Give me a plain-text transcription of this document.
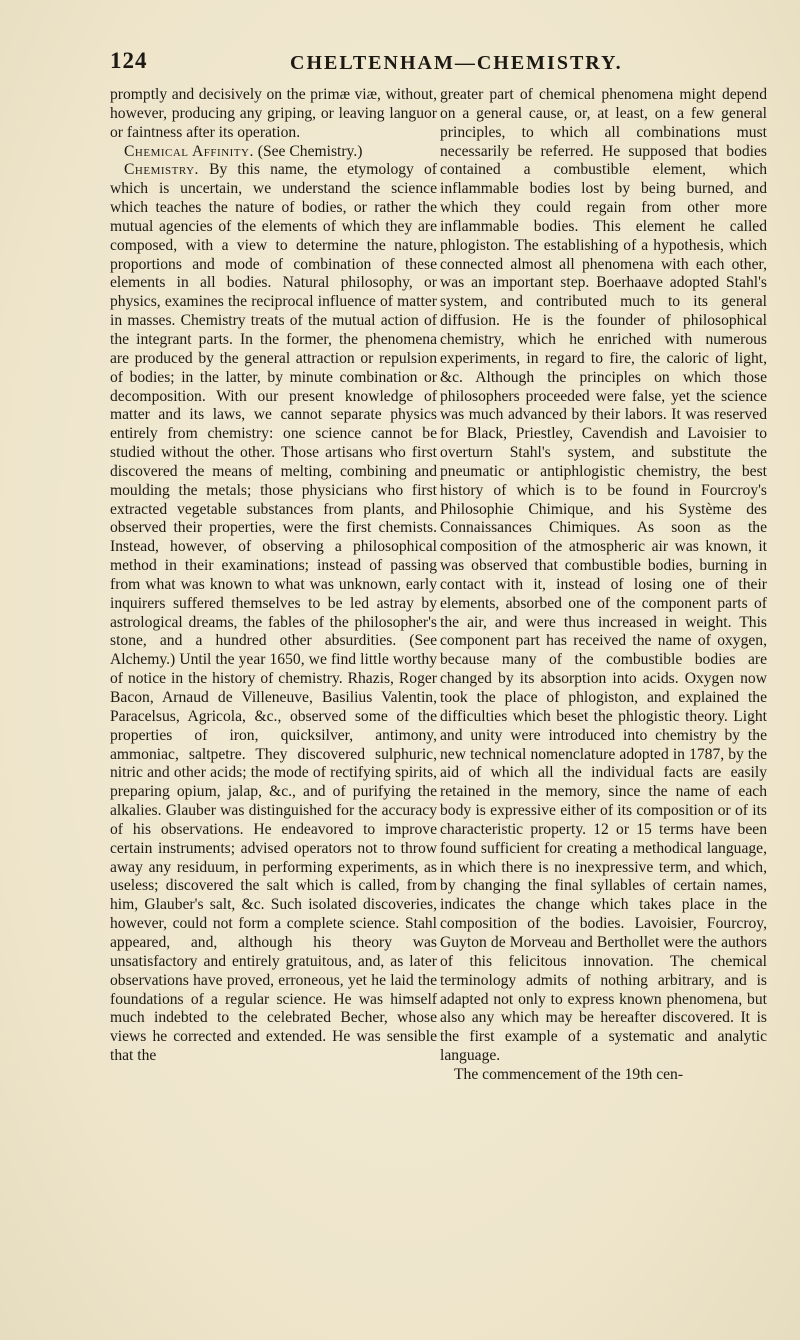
124	CHELTENHAM—CHEMISTRY.

promptly and decisively on the primæ viæ, without, however, producing any griping, or leaving languor or faintness after its operation.

Chemical Affinity. (See Chemistry.)

Chemistry. By this name, the etymology of which is uncertain, we understand the science which teaches the nature of bodies, or rather the mutual agencies of the elements of which they are composed, with a view to determine the nature, proportions and mode of combination of these elements in all bodies. Natural philosophy, or physics, examines the reciprocal influence of matter in masses. Chemistry treats of the mutual action of the integrant parts. In the former, the phenomena are produced by the general attraction or repulsion of bodies; in the latter, by minute combination or decomposition. With our present knowledge of matter and its laws, we cannot separate physics entirely from chemistry: one science cannot be studied without the other. Those artisans who first discovered the means of melting, combining and moulding the metals; those physicians who first extracted vegetable substances from plants, and observed their properties, were the first chemists. Instead, however, of observing a philosophical method in their examinations; instead of passing from what was known to what was unknown, early inquirers suffered themselves to be led astray by astrological dreams, the fables of the philosopher's stone, and a hundred other absurdities. (See Alchemy.) Until the year 1650, we find little worthy of notice in the history of chemistry. Rhazis, Roger Bacon, Arnaud de Villeneuve, Basilius Valentin, Paracelsus, Agricola, &c., observed some of the properties of iron, quicksilver, antimony, ammoniac, saltpetre. They discovered sulphuric, nitric and other acids; the mode of rectifying spirits, preparing opium, jalap, &c., and of purifying the alkalies. Glauber was distinguished for the accuracy of his observations. He endeavored to improve certain instruments; advised operators not to throw away any residuum, in performing experiments, as useless; discovered the salt which is called, from him, Glauber's salt, &c. Such isolated discoveries, however, could not form a complete science. Stahl appeared, and, although his theory was unsatisfactory and entirely gratuitous, and, as later observations have proved, erroneous, yet he laid the foundations of a regular science. He was himself much indebted to the celebrated Becher, whose views he corrected and extended. He was sensible that the

greater part of chemical phenomena might depend on a general cause, or, at least, on a few general principles, to which all combinations must necessarily be referred. He supposed that bodies contained a combustible element, which inflammable bodies lost by being burned, and which they could regain from other more inflammable bodies. This element he called phlogiston. The establishing of a hypothesis, which connected almost all phenomena with each other, was an important step. Boerhaave adopted Stahl's system, and contributed much to its general diffusion. He is the founder of philosophical chemistry, which he enriched with numerous experiments, in regard to fire, the caloric of light, &c. Although the principles on which those philosophers proceeded were false, yet the science was much advanced by their labors. It was reserved for Black, Priestley, Cavendish and Lavoisier to overturn Stahl's system, and substitute the pneumatic or antiphlogistic chemistry, the best history of which is to be found in Fourcroy's Philosophie Chimique, and his Système des Connaissances Chimiques. As soon as the composition of the atmospheric air was known, it was observed that combustible bodies, burning in contact with it, instead of losing one of their elements, absorbed one of the component parts of the air, and were thus increased in weight. This component part has received the name of oxygen, because many of the combustible bodies are changed by its absorption into acids. Oxygen now took the place of phlogiston, and explained the difficulties which beset the phlogistic theory. Light and unity were introduced into chemistry by the new technical nomenclature adopted in 1787, by the aid of which all the individual facts are easily retained in the memory, since the name of each body is expressive either of its composition or of its characteristic property. 12 or 15 terms have been found sufficient for creating a methodical language, in which there is no inexpressive term, and which, by changing the final syllables of certain names, indicates the change which takes place in the composition of the bodies. Lavoisier, Fourcroy, Guyton de Morveau and Berthollet were the authors of this felicitous innovation. The chemical terminology admits of nothing arbitrary, and is adapted not only to express known phenomena, but also any which may be hereafter discovered. It is the first example of a systematic and analytic language.

The commencement of the 19th cen-
